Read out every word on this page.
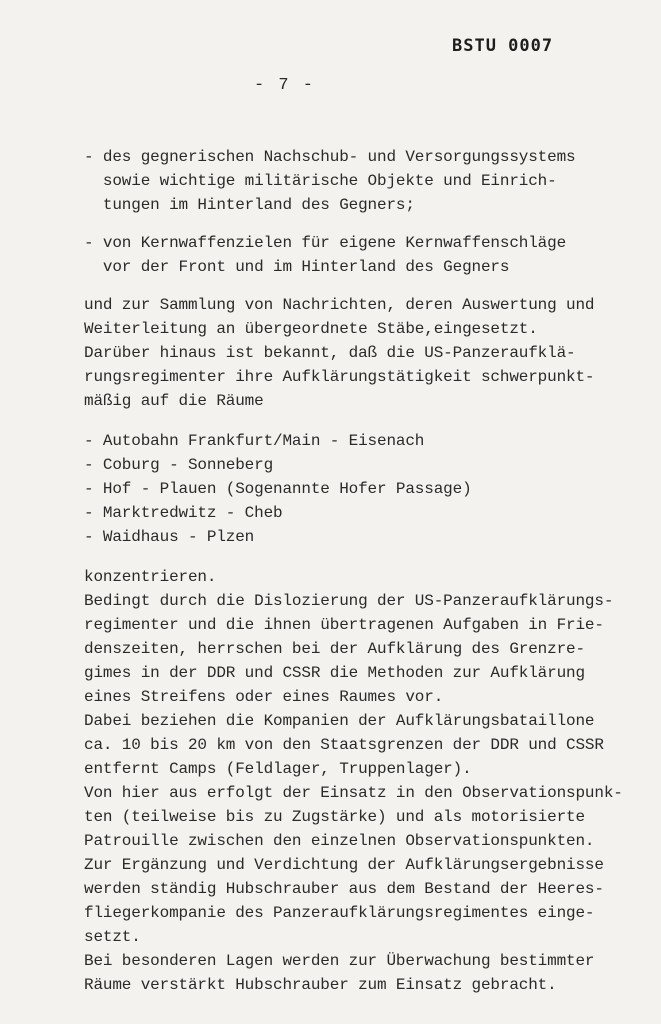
BSTU 0007
- 7 -
- des gegnerischen Nachschub- und Versorgungssystems
sowie wichtige militärische Objekte und Einrich-
tungen im Hinterland des Gegners;
- von Kernwaffenzielen für eigene Kernwaffenschläge
vor der Front und im Hinterland des Gegners
und zur Sammlung von Nachrichten, deren Auswertung und
Weiterleitung an übergeordnete Stäbe,eingesetzt.
Darüber hinaus ist bekannt, daß die US-Panzeraufklä-
rungsregimenter ihre Aufklärungstätigkeit schwerpunkt-
mäßig auf die Räume
- Autobahn Frankfurt/Main - Eisenach
- Coburg - Sonneberg
- Hof - Plauen (Sogenannte Hofer Passage)
- Marktredwitz - Cheb
- Waidhaus - Plzen
konzentrieren.
Bedingt durch die Dislozierung der US-Panzeraufklärungs-
regimenter und die ihnen übertragenen Aufgaben in Frie-
denszeiten, herrschen bei der Aufklärung des Grenzre-
gimes in der DDR und CSSR die Methoden zur Aufklärung
eines Streifens oder eines Raumes vor.
Dabei beziehen die Kompanien der Aufklärungsbataillone
ca. 10 bis 20 km von den Staatsgrenzen der DDR und CSSR
entfernt Camps (Feldlager, Truppenlager).
Von hier aus erfolgt der Einsatz in den Observationspunk-
ten (teilweise bis zu Zugstärke) und als motorisierte
Patrouille zwischen den einzelnen Observationspunkten.
Zur Ergänzung und Verdichtung der Aufklärungsergebnisse
werden ständig Hubschrauber aus dem Bestand der Heeres-
fliegerkompanie des Panzeraufklärungsregimentes einge-
setzt.
Bei besonderen Lagen werden zur Überwachung bestimmter
Räume verstärkt Hubschrauber zum Einsatz gebracht.
